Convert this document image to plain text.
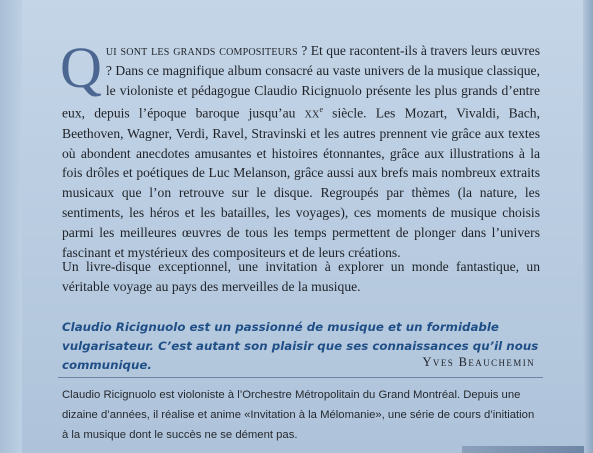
Qui sont les grands compositeurs ? Et que racontent-ils à travers leurs œuvres ? Dans ce magnifique album consacré au vaste univers de la musique classique, le violoniste et pédagogue Claudio Ricignuolo présente les plus grands d’entre eux, depuis l’époque baroque jusqu’au $xx^e$ siècle. Les Mozart, Vivaldi, Bach, Beethoven, Wagner, Verdi, Ravel, Stravinski et les autres prennent vie grâce aux textes où abondent anecdotes amusantes et histoires étonnantes, grâce aux illustrations à la fois drôles et poétiques de Luc Melanson, grâce aussi aux brefs mais nombreux extraits musicaux que l’on retrouve sur le disque. Regroupés par thèmes (la nature, les sentiments, les héros et les batailles, les voyages), ces moments de musique choisis parmi les meilleures œuvres de tous les temps permettent de plonger dans l’univers fascinant et mystérieux des compositeurs et de leurs créations.
Un livre-disque exceptionnel, une invitation à explorer un monde fantastique, un véritable voyage au pays des merveilles de la musique.
Claudio Ricignuolo est un passionné de musique et un formidable vulgarisateur. C’est autant son plaisir que ses connaissances qu’il nous communique.	Yves Beauchemin
Claudio Ricignuolo est violoniste à l’Orchestre Métropolitain du Grand Montréal. Depuis une dizaine d’années, il réalise et anime «Invitation à la Mélomanie», une série de cours d’initiation à la musique dont le succès ne se dément pas.
